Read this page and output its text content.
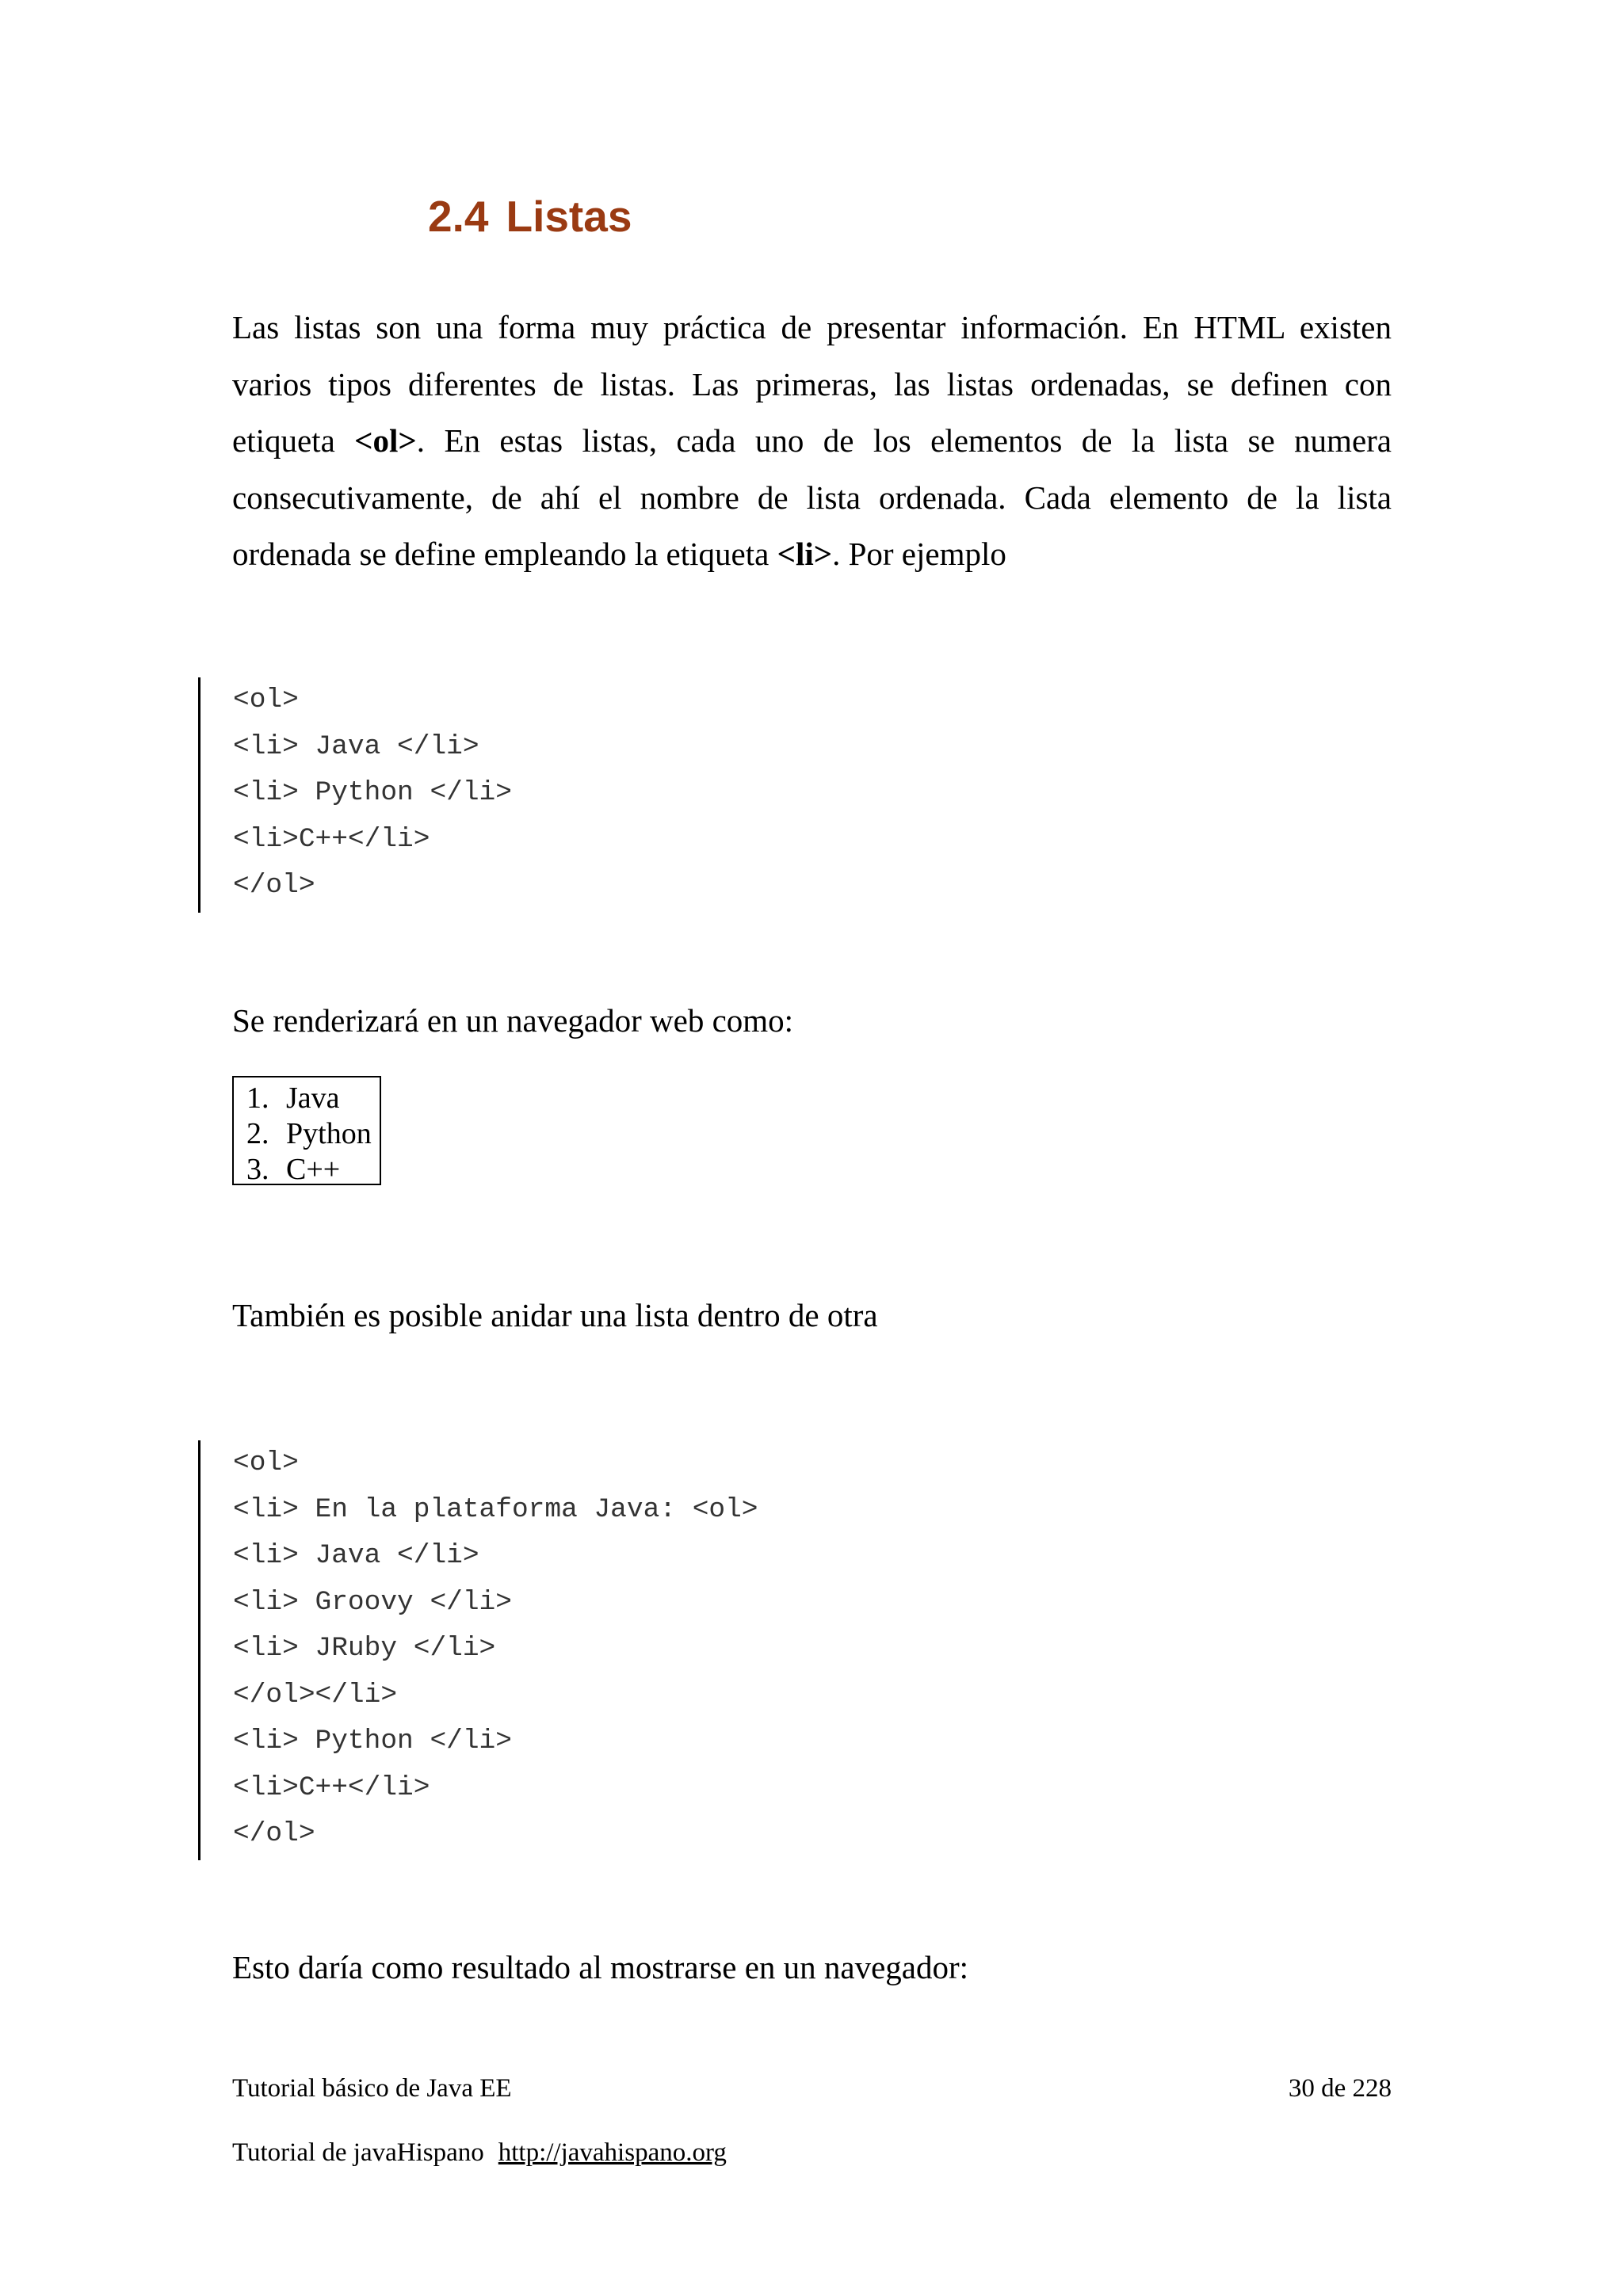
2.4 Listas

Las listas son una forma muy práctica de presentar información. En HTML existen varios tipos diferentes de listas. Las primeras, las listas ordenadas, se definen con etiqueta <ol>. En estas listas, cada uno de los elementos de la lista se numera consecutivamente, de ahí el nombre de lista ordenada. Cada elemento de la lista ordenada se define empleando la etiqueta <li>. Por ejemplo

<ol>
<li> Java </li>
<li> Python </li>
<li>C++</li>
</ol>

Se renderizará en un navegador web como:

1. Java
2. Python
3. C++

También es posible anidar una lista dentro de otra

<ol>
<li> En la plataforma Java: <ol>
<li> Java </li>
<li> Groovy </li>
<li> JRuby </li>
</ol></li>
<li> Python </li>
<li>C++</li>
</ol>

Esto daría como resultado al mostrarse en un navegador:

Tutorial básico de Java EE	30 de 228
Tutorial de javaHispano http://javahispano.org
